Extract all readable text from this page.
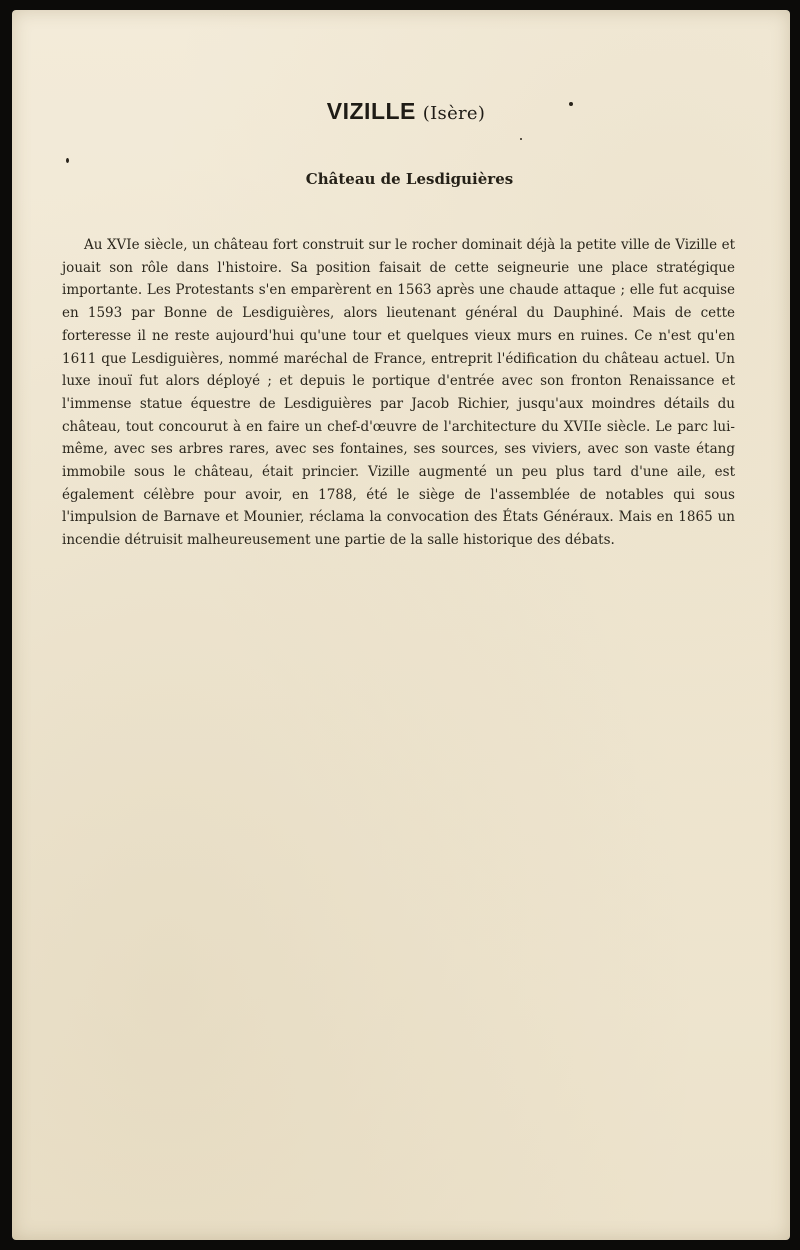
VIZILLE (Isère)
Château de Lesdiguières

Au XVIe siècle, un château fort construit sur le rocher dominait déjà la petite ville de Vizille et jouait son rôle dans l'histoire. Sa position faisait de cette seigneurie une place stratégique importante. Les Protestants s'en emparèrent en 1563 après une chaude attaque ; elle fut acquise en 1593 par Bonne de Lesdiguières, alors lieutenant général du Dauphiné. Mais de cette forteresse il ne reste aujourd'hui qu'une tour et quelques vieux murs en ruines. Ce n'est qu'en 1611 que Lesdiguières, nommé maréchal de France, entreprit l'édification du château actuel. Un luxe inouï fut alors déployé ; et depuis le portique d'entrée avec son fronton Renaissance et l'immense statue équestre de Lesdiguières par Jacob Richier, jusqu'aux moindres détails du château, tout concourut à en faire un chef-d'œuvre de l'architecture du XVIIe siècle. Le parc lui-même, avec ses arbres rares, avec ses fontaines, ses sources, ses viviers, avec son vaste étang immobile sous le château, était princier. Vizille augmenté un peu plus tard d'une aile, est également célèbre pour avoir, en 1788, été le siège de l'assemblée de notables qui sous l'impulsion de Barnave et Mounier, réclama la convocation des États Généraux. Mais en 1865 un incendie détruisit malheureusement une partie de la salle historique des débats.
